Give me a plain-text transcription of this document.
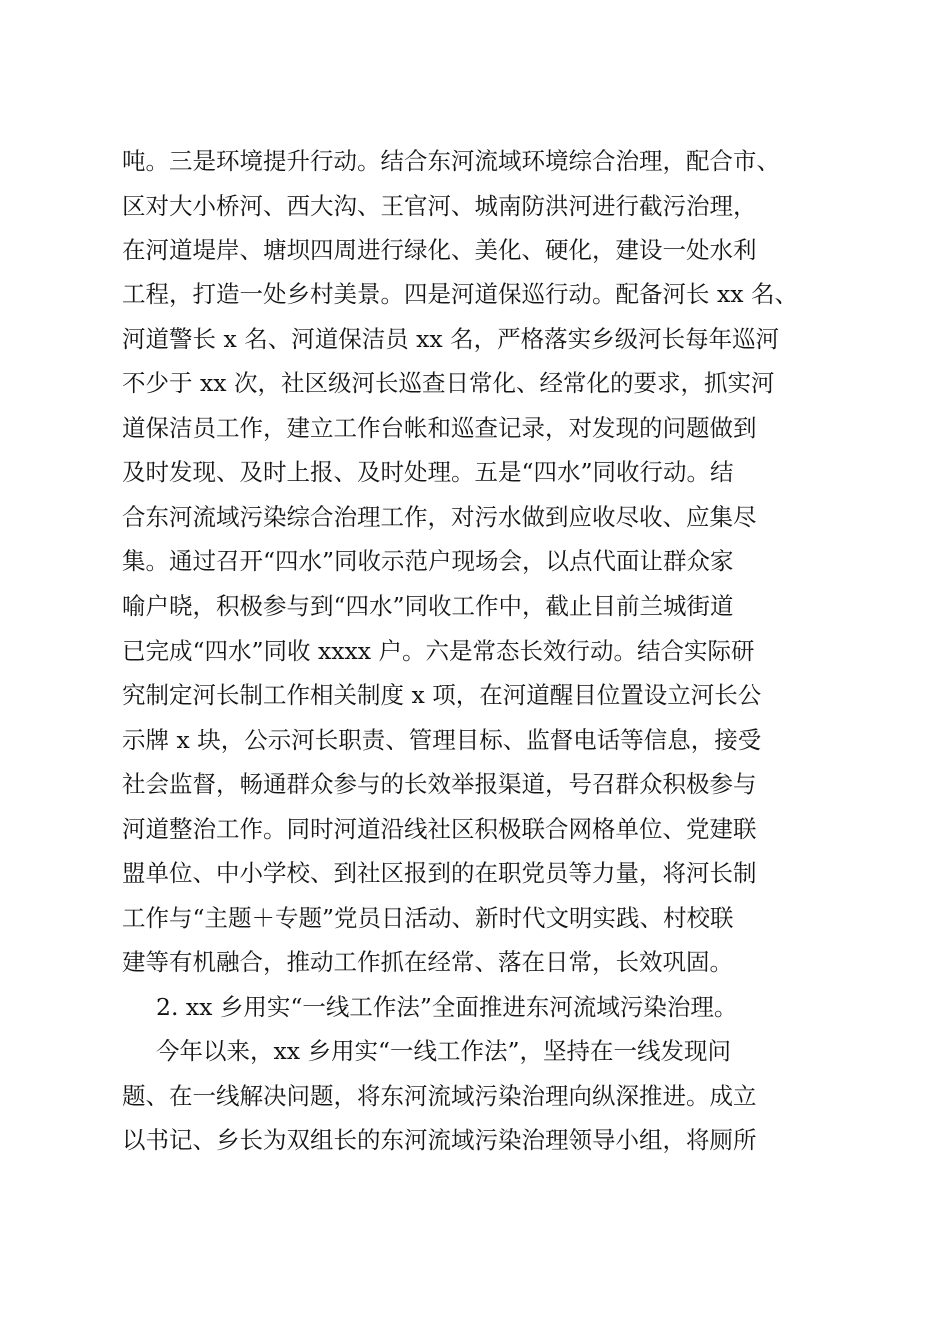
吨。三是环境提升行动。结合东河流域环境综合治理，配合市、
区对大小桥河、西大沟、王官河、城南防洪河进行截污治理，
在河道堤岸、塘坝四周进行绿化、美化、硬化，建设一处水利
工程，打造一处乡村美景。四是河道保巡行动。配备河长 xx 名、
河道警长 x 名、河道保洁员 xx 名，严格落实乡级河长每年巡河
不少于 xx 次，社区级河长巡查日常化、经常化的要求，抓实河
道保洁员工作，建立工作台帐和巡查记录，对发现的问题做到
及时发现、及时上报、及时处理。五是“四水”同收行动。结
合东河流域污染综合治理工作，对污水做到应收尽收、应集尽
集。通过召开“四水”同收示范户现场会，以点代面让群众家
喻户晓，积极参与到“四水”同收工作中，截止目前兰城街道
已完成“四水”同收 xxxx 户。六是常态长效行动。结合实际研
究制定河长制工作相关制度 x 项，在河道醒目位置设立河长公
示牌 x 块，公示河长职责、管理目标、监督电话等信息，接受
社会监督，畅通群众参与的长效举报渠道，号召群众积极参与
河道整治工作。同时河道沿线社区积极联合网格单位、党建联
盟单位、中小学校、到社区报到的在职党员等力量，将河长制
工作与“主题＋专题”党员日活动、新时代文明实践、村校联
建等有机融合，推动工作抓在经常、落在日常，长效巩固。
2. xx 乡用实“一线工作法”全面推进东河流域污染治理。
今年以来，xx 乡用实“一线工作法”，坚持在一线发现问
题、在一线解决问题，将东河流域污染治理向纵深推进。成立
以书记、乡长为双组长的东河流域污染治理领导小组，将厕所
